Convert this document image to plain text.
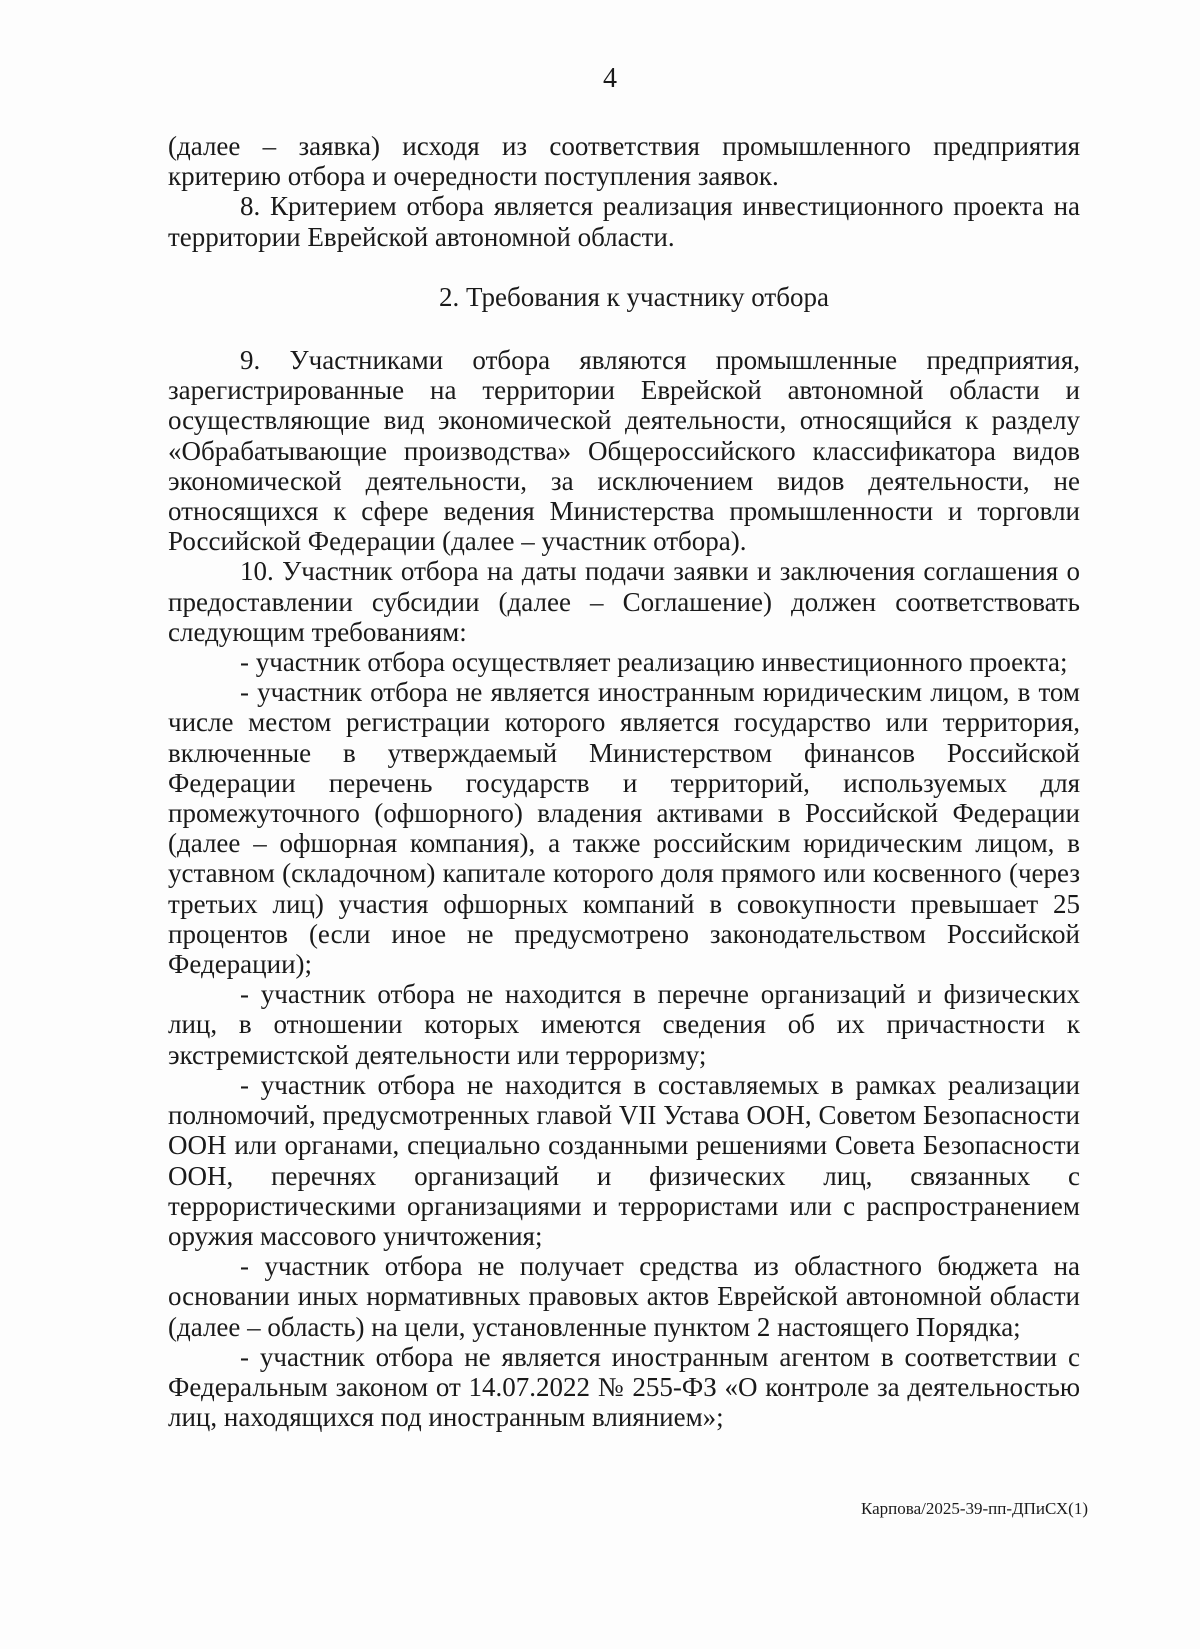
4

(далее – заявка) исходя из соответствия промышленного предприятия критерию отбора и очередности поступления заявок.

8. Критерием отбора является реализация инвестиционного проекта на территории Еврейской автономной области.

2. Требования к участнику отбора

9. Участниками отбора являются промышленные предприятия, зарегистрированные на территории Еврейской автономной области и осуществляющие вид экономической деятельности, относящийся к разделу «Обрабатывающие производства» Общероссийского классификатора видов экономической деятельности, за исключением видов деятельности, не относящихся к сфере ведения Министерства промышленности и торговли Российской Федерации (далее – участник отбора).

10. Участник отбора на даты подачи заявки и заключения соглашения о предоставлении субсидии (далее – Соглашение) должен соответствовать следующим требованиям:

- участник отбора осуществляет реализацию инвестиционного проекта;

- участник отбора не является иностранным юридическим лицом, в том числе местом регистрации которого является государство или территория, включенные в утверждаемый Министерством финансов Российской Федерации перечень государств и территорий, используемых для промежуточного (офшорного) владения активами в Российской Федерации (далее – офшорная компания), а также российским юридическим лицом, в уставном (складочном) капитале которого доля прямого или косвенного (через третьих лиц) участия офшорных компаний в совокупности превышает 25 процентов (если иное не предусмотрено законодательством Российской Федерации);

- участник отбора не находится в перечне организаций и физических лиц, в отношении которых имеются сведения об их причастности к экстремистской деятельности или терроризму;

- участник отбора не находится в составляемых в рамках реализации полномочий, предусмотренных главой VII Устава ООН, Советом Безопасности ООН или органами, специально созданными решениями Совета Безопасности ООН, перечнях организаций и физических лиц, связанных с террористическими организациями и террористами или с распространением оружия массового уничтожения;

- участник отбора не получает средства из областного бюджета на основании иных нормативных правовых актов Еврейской автономной области (далее – область) на цели, установленные пунктом 2 настоящего Порядка;

- участник отбора не является иностранным агентом в соответствии с Федеральным законом от 14.07.2022 № 255-ФЗ «О контроле за деятельностью лиц, находящихся под иностранным влиянием»;

Карпова/2025-39-пп-ДПиСХ(1)
